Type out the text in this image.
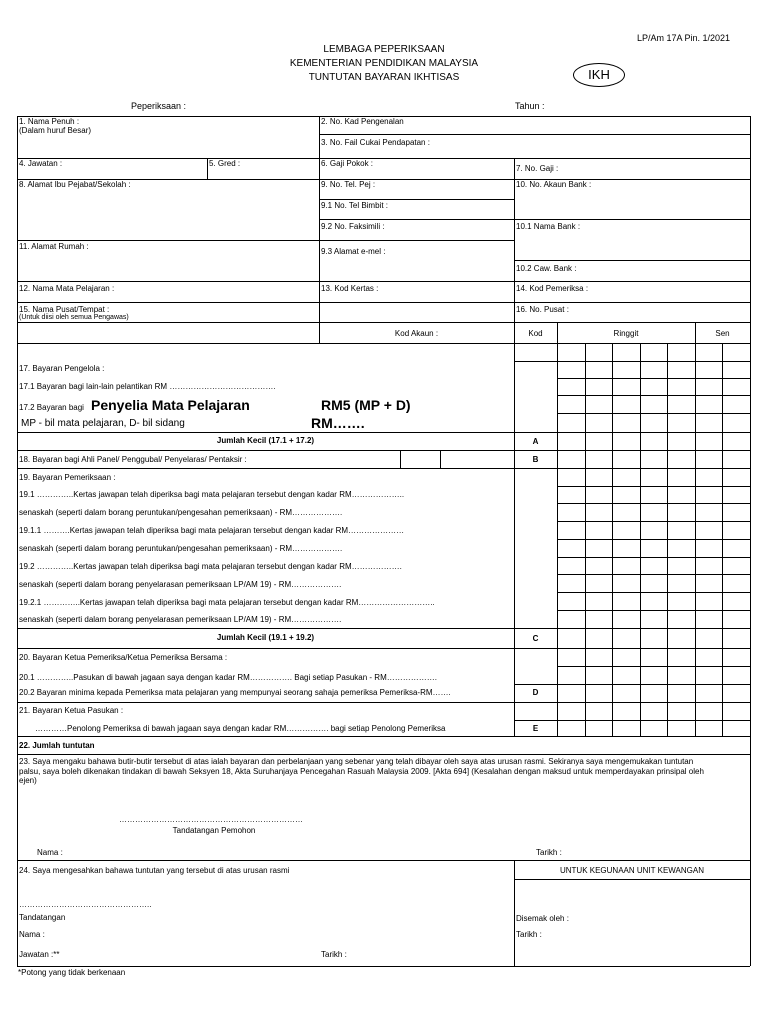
LP/Am 17A Pin. 1/2021
LEMBAGA PEPERIKSAAN
KEMENTERIAN PENDIDIKAN MALAYSIA
TUNTUTAN BAYARAN IKHTISAS	IKH
Peperiksaan :	Tahun :
1. Nama Penuh :
(Dalam huruf Besar)
2. No. Kad Pengenalan
3. No. Fail Cukai Pendapatan :
4. Jawatan :	5. Gred :	6. Gaji Pokok :
7. No. Gaji :
8. Alamat Ibu Pejabat/Sekolah :	9. No. Tel. Pej :	10. No. Akaun Bank :
9.1 No. Tel Bimbit :
9.2 No. Faksimili :	10.1 Nama Bank :
11. Alamat Rumah :
9.3 Alamat e-mel :
10.2 Caw. Bank :
12. Nama Mata Pelajaran :	13. Kod Kertas :	14. Kod Pemeriksa :
15. Nama Pusat/Tempat :
(Untuk diisi oleh semua Pengawas)
16. No. Pusat :
Kod Akaun :	Kod	Ringgit	Sen
17. Bayaran Pengelola :
17.1 Bayaran bagi lain-lain pelantikan RM ………………………………….
17.2 Bayaran bagi Penyelia Mata Pelajaran	RM5 (MP + D)
MP - bil mata pelajaran, D- bil sidang	RM…….
Jumlah Kecil (17.1 + 17.2)	A
18. Bayaran bagi Ahli Panel/ Penggubal/ Penyelaras/ Pentaksir :	B
19. Bayaran Pemeriksaan :
19.1 …………..Kertas jawapan telah diperiksa bagi mata pelajaran tersebut dengan kadar RM………………..
senaskah (seperti dalam borang peruntukan/pengesahan pemeriksaan) - RM……………….
19.1.1 ……….Kertas jawapan telah diperiksa bagi mata pelajaran tersebut dengan kadar RM…………………
senaskah (seperti dalam borang peruntukan/pengesahan pemeriksaan) - RM……………….
19.2 …………..Kertas jawapan telah diperiksa bagi mata pelajaran tersebut dengan kadar RM……………….
senaskah (seperti dalam borang penyelarasan pemeriksaan LP/AM 19) - RM……………….
19.2.1 …………..Kertas jawapan telah diperiksa bagi mata pelajaran tersebut dengan kadar RM………………………..
senaskah (seperti dalam borang penyelarasan pemeriksaan LP/AM 19) - RM……………….
Jumlah Kecil (19.1 + 19.2)	C
20. Bayaran Ketua Pemeriksa/Ketua Pemeriksa Bersama :
20.1 …………..Pasukan di bawah jagaan saya dengan kadar RM……………. Bagi setiap Pasukan - RM……………….
20.2 Bayaran minima kepada Pemeriksa mata pelajaran yang mempunyai seorang sahaja pemeriksa Pemeriksa-RM…….	D
21. Bayaran Ketua Pasukan :
…………Penolong Pemeriksa di bawah jagaan saya dengan kadar RM……………. bagi setiap Penolong Pemeriksa	E
22. Jumlah tuntutan
23. Saya mengaku bahawa butir-butir tersebut di atas ialah bayaran dan perbelanjaan yang sebenar yang telah dibayar oleh saya atas urusan rasmi. Sekiranya saya mengemukakan tuntutan
palsu, saya boleh dikenakan tindakan di bawah Seksyen 18, Akta Suruhanjaya Pencegahan Rasuah Malaysia 2009. [Akta 694] (Kesalahan dengan maksud untuk memperdayakan prinsipal oleh
ejen)
……………………………………………………………
Tandatangan Pemohon
Nama :	Tarikh :
24. Saya mengesahkan bahawa tuntutan yang tersebut di atas urusan rasmi	UNTUK KEGUNAAN UNIT KEWANGAN
…………………………………………..
Tandatangan	Disemak oleh :
Nama :	Tarikh :
Jawatan :**	Tarikh :
*Potong yang tidak berkenaan
